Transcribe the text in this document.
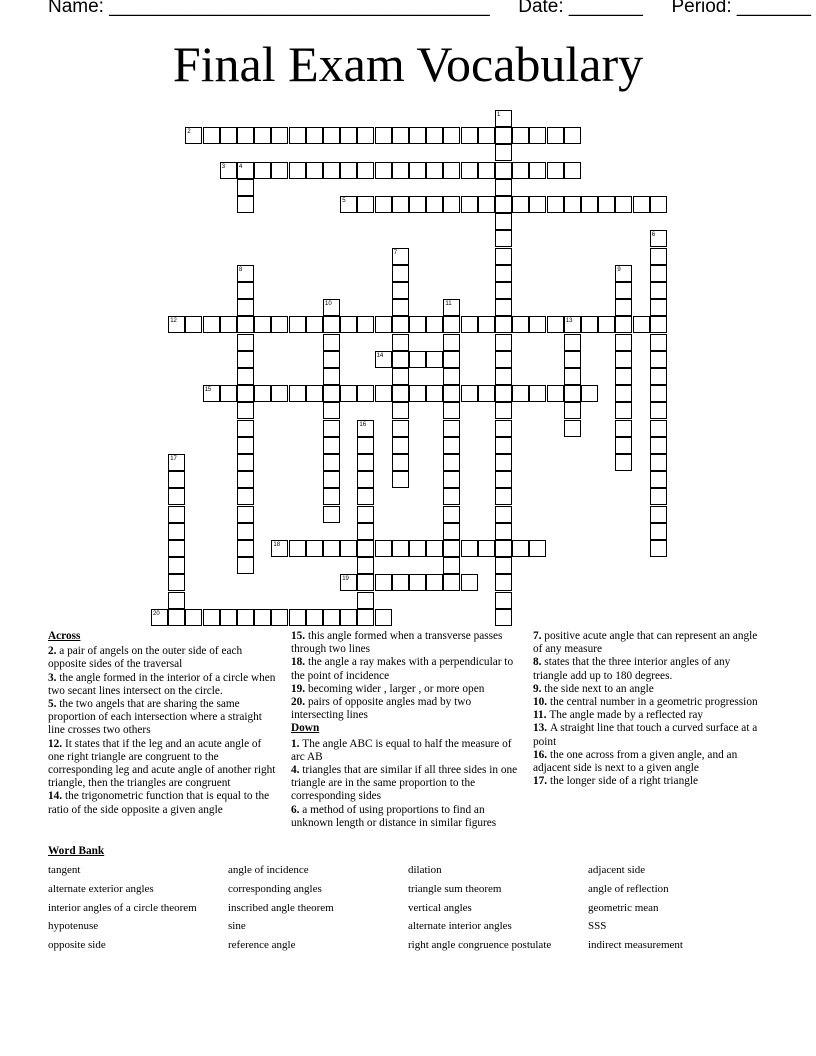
Name: ____________________________________ Date: _______ Period: _______
Final Exam Vocabulary
1
2
3 4
5
6
7
8	9
10	11
12	13
14
15
16
17
18
19
20
Across
2. a pair of angels on the outer side of each opposite sides of the traversal
3. the angle formed in the interior of a circle when two secant lines intersect on the circle.
5. the two angels that are sharing the same proportion of each intersection where a straight line crosses two others
12. It states that if the leg and an acute angle of one right triangle are congruent to the corresponding leg and acute angle of another right triangle, then the triangles are congruent
14. the trigonometric function that is equal to the ratio of the side opposite a given angle
15. this angle formed when a transverse passes through two lines
18. the angle a ray makes with a perpendicular to the point of incidence
19. becoming wider , larger , or more open
20. pairs of opposite angles mad by two intersecting lines
Down
1. The angle ABC is equal to half the measure of arc AB
4. triangles that are similar if all three sides in one triangle are in the same proportion to the corresponding sides
6. a method of using proportions to find an unknown length or distance in similar figures
7. positive acute angle that can represent an angle of any measure
8. states that the three interior angles of any triangle add up to 180 degrees.
9. the side next to an angle
10. the central number in a geometric progression
11. The angle made by a reflected ray
13. A straight line that touch a curved surface at a point
16. the one across from a given angle, and an adjacent side is next to a given angle
17. the longer side of a right triangle
Word Bank
tangent	angle of incidence	dilation	adjacent side
alternate exterior angles	corresponding angles	triangle sum theorem	angle of reflection
interior angles of a circle theorem	inscribed angle theorem	vertical angles	geometric mean
hypotenuse	sine	alternate interior angles	SSS
opposite side	reference angle	right angle congruence postulate	indirect measurement
